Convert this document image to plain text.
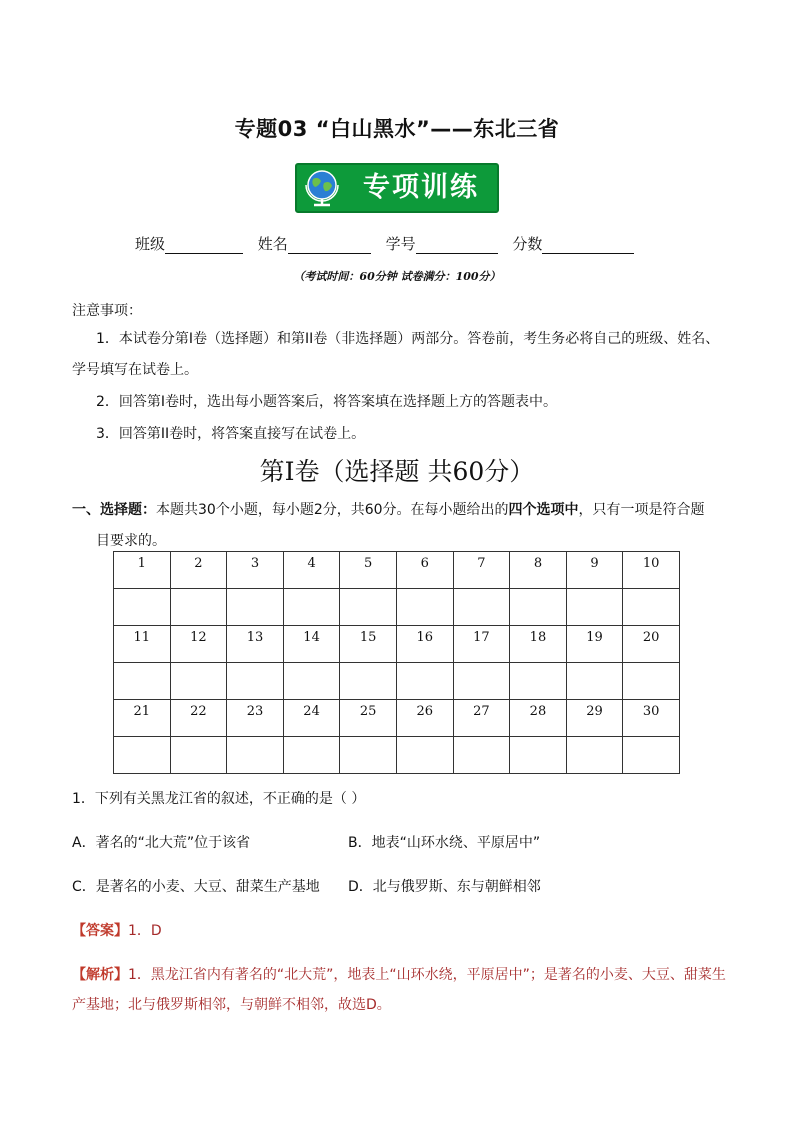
专题03 “白山黑水”——东北三省
专项训练
班级	姓名	学号	分数
（考试时间：60分钟 试卷满分：100分）
注意事项：
1．本试卷分第I卷（选择题）和第II卷（非选择题）两部分。答卷前，考生务必将自己的班级、姓名、
学号填写在试卷上。
2．回答第I卷时，选出每小题答案后，将答案填在选择题上方的答题表中。
3．回答第II卷时，将答案直接写在试卷上。
第I卷（选择题 共60分）
一、选择题：本题共30个小题，每小题2分，共60分。在每小题给出的四个选项中，只有一项是符合题
目要求的。
1	2	3	4	5	6	7	8	9	10

11	12	13	14	15	16	17	18	19	20

21	22	23	24	25	26	27	28	29	30

1．下列有关黑龙江省的叙述，不正确的是（ ）
A．著名的“北大荒”位于该省	B．地表“山环水绕、平原居中”
C．是著名的小麦、大豆、甜菜生产基地 D．北与俄罗斯、东与朝鲜相邻
【答案】1．D
【解析】1．黑龙江省内有著名的“北大荒”，地表上“山环水绕，平原居中”；是著名的小麦、大豆、甜菜生
产基地；北与俄罗斯相邻，与朝鲜不相邻，故选D。
